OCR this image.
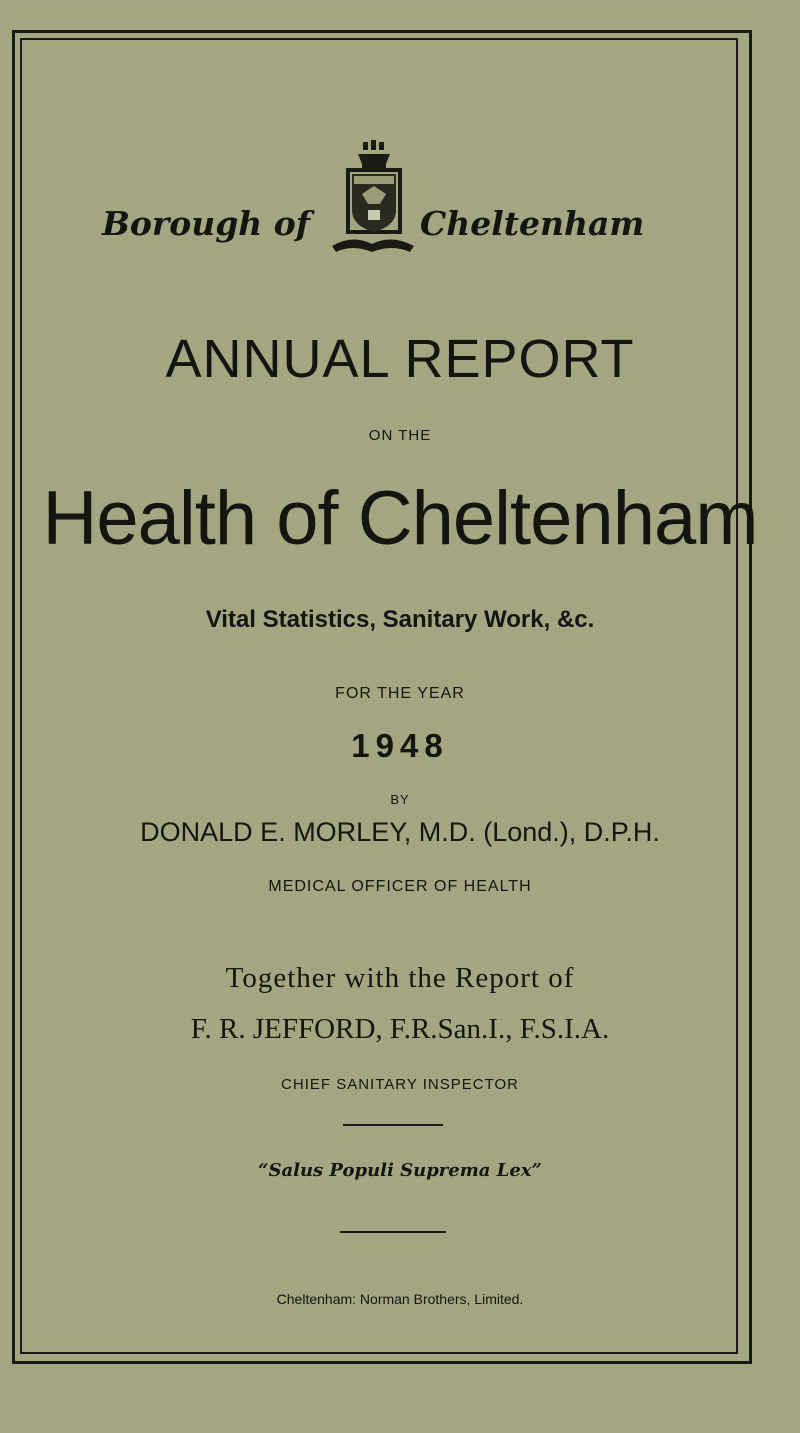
Borough of	Cheltenham
ANNUAL REPORT
ON THE
Health of Cheltenham
Vital Statistics, Sanitary Work, &c.
FOR THE YEAR
1948
BY
DONALD E. MORLEY, M.D. (Lond.), D.P.H.
MEDICAL OFFICER OF HEALTH
Together with the Report of
F. R. JEFFORD, F.R.San.I., F.S.I.A.
CHIEF SANITARY INSPECTOR
“Salus Populi Suprema Lex”
Cheltenham: Norman Brothers, Limited.
